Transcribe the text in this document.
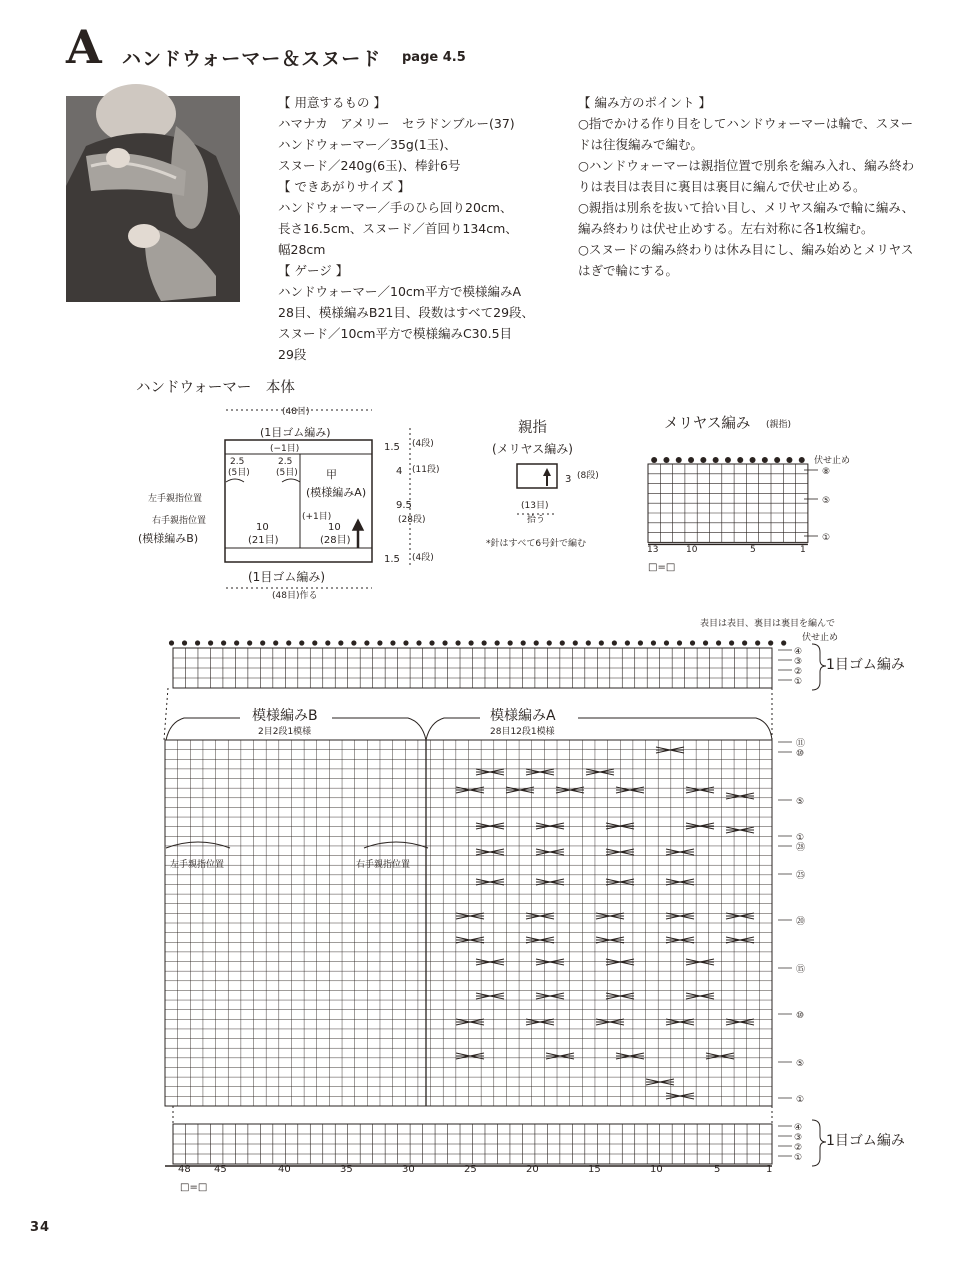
A ハンドウォーマー＆スヌード page 4.5
【 用意するもの 】
ハマナカ　アメリー　セラドンブルー(37)
ハンドウォーマー／35g(1玉)、
スヌード／240g(6玉)、棒針6号
【 できあがりサイズ 】
ハンドウォーマー／手のひら回り20cm、
長さ16.5cm、スヌード／首回り134cm、
幅28cm
【 ゲージ 】
ハンドウォーマー／10cm平方で模様編みA
28目、模様編みB21目、段数はすべて29段、
スヌード／10cm平方で模様編みC30.5目
29段
【 編み方のポイント 】
○指でかける作り目をしてハンドウォーマーは輪で、スヌー
ドは往復編みで編む。
○ハンドウォーマーは親指位置で別糸を編み入れ、編み終わ
りは表目は表目に裏目は裏目に編んで伏せ止める。
○親指は別糸を抜いて拾い目し、メリヤス編みで輪に編み、
編み終わりは伏せ止めする。左右対称に各1枚編む。
○スヌードの編み終わりは休み目にし、編み始めとメリヤス
はぎで輪にする。
ハンドウォーマー　本体
(48目)
(1目ゴム編み)
(−1目)
2.5
(5目)
2.5
(5目)	甲
(模様編みA)
左手親指位置
右手親指位置
(模様編みB)
(+1目)
10
(21目)
10
(28目)
(1目ゴム編み)
(48目)作る
1.5 (4段)
4 (11段)
9.5
(28段)
1.5 (4段)
親指
(メリヤス編み)
3 (8段)
(13目)
拾う
*針はすべて6号針で編む
メリヤス編み (親指)
伏せ止め
⑧
⑤
①
13	10	5	1
□=□
表目は表目、裏目は裏目を編んで
④
③
②
①
⑪
⑩
⑤
①
㉘
㉕
⑳
⑮
⑩
⑤
①
④
③
②
①
48 45	40	35	30	25	20	15	10	5	1
伏せ止め
1目ゴム編み
模様編みB
2目2段1模様
模様編みA
28目12段1模様
左手親指位置	右手親指位置
1目ゴム編み
□=□
34
